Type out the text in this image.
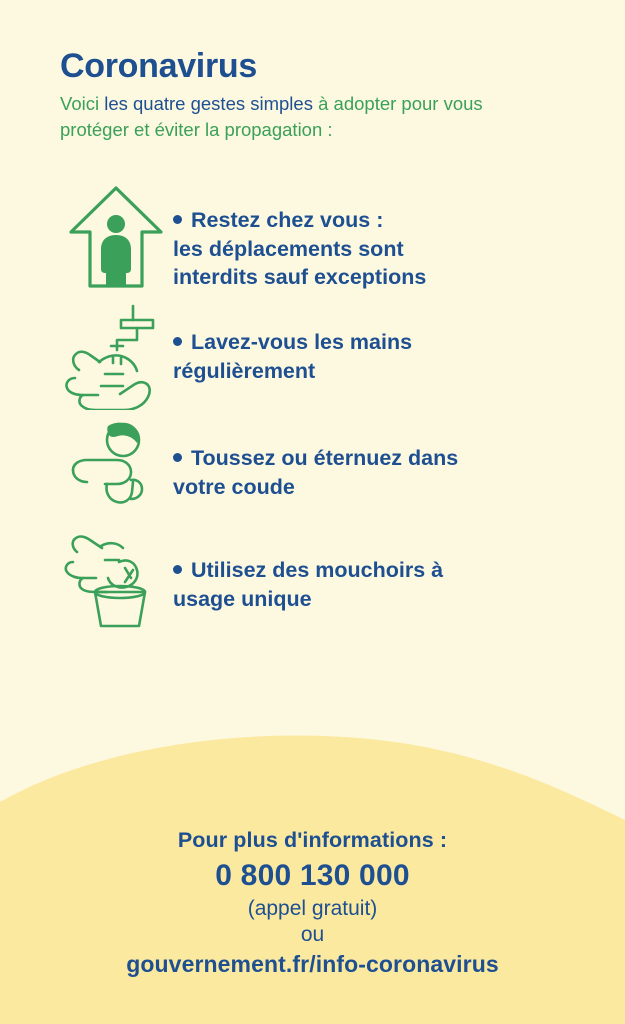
Coronavirus

Voici les quatre gestes simples à adopter pour vous protéger et éviter la propagation :

Restez chez vous :
les déplacements sont
interdits sauf exceptions
Lavez-vous les mains
régulièrement
Toussez ou éternuez dans
votre coude
Utilisez des mouchoirs à
usage unique
Pour plus d'informations :
0 800 130 000
(appel gratuit)
ou
gouvernement.fr/info-coronavirus
